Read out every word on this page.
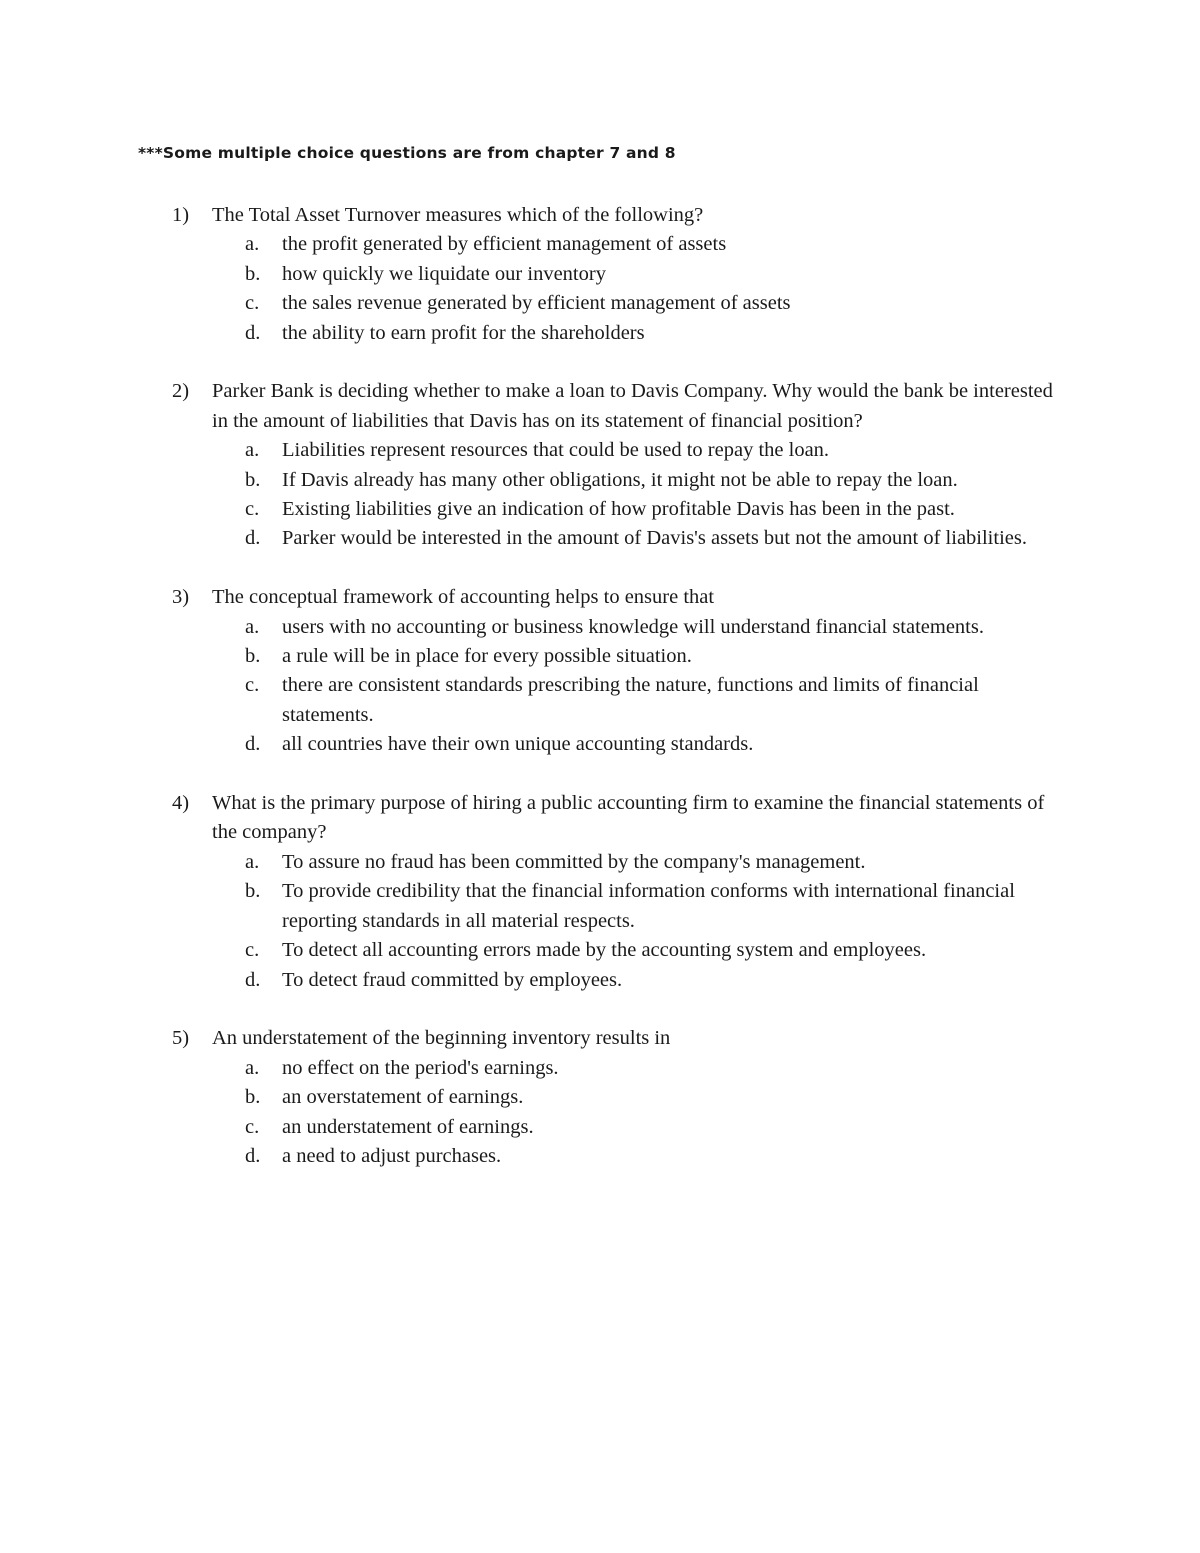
***Some multiple choice questions are from chapter 7 and 8
1) The Total Asset Turnover measures which of the following?
a. the profit generated by efficient management of assets
b. how quickly we liquidate our inventory
c. the sales revenue generated by efficient management of assets
d. the ability to earn profit for the shareholders
2) Parker Bank is deciding whether to make a loan to Davis Company. Why would the bank be interested in the amount of liabilities that Davis has on its statement of financial position?
a. Liabilities represent resources that could be used to repay the loan.
b. If Davis already has many other obligations, it might not be able to repay the loan.
c. Existing liabilities give an indication of how profitable Davis has been in the past.
d. Parker would be interested in the amount of Davis's assets but not the amount of liabilities.
3) The conceptual framework of accounting helps to ensure that
a. users with no accounting or business knowledge will understand financial statements.
b. a rule will be in place for every possible situation.
c. there are consistent standards prescribing the nature, functions and limits of financial statements.
d. all countries have their own unique accounting standards.
4) What is the primary purpose of hiring a public accounting firm to examine the financial statements of the company?
a. To assure no fraud has been committed by the company's management.
b. To provide credibility that the financial information conforms with international financial reporting standards in all material respects.
c. To detect all accounting errors made by the accounting system and employees.
d. To detect fraud committed by employees.
5) An understatement of the beginning inventory results in
a. no effect on the period's earnings.
b. an overstatement of earnings.
c. an understatement of earnings.
d. a need to adjust purchases.
